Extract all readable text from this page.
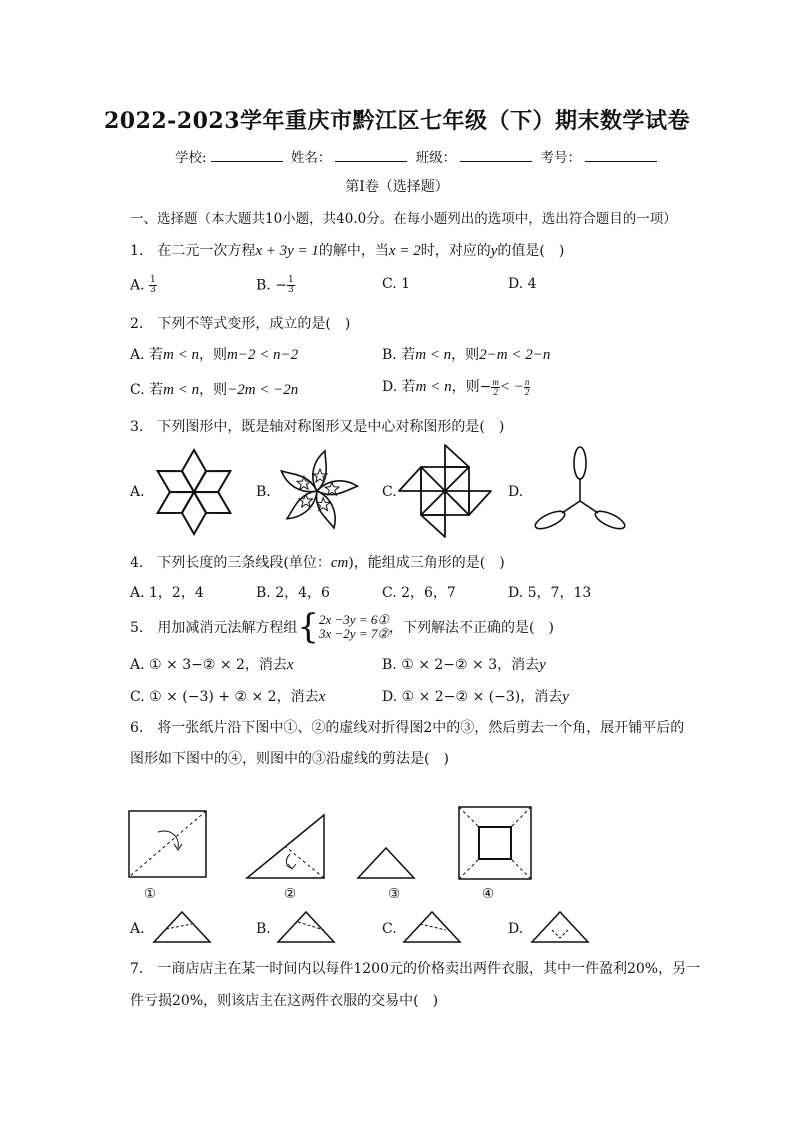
2022-2023学年重庆市黔江区七年级（下）期末数学试卷
学校:	姓名：	班级：	考号：
第I卷（选择题）
一、选择题（本大题共10小题，共40.0分。在每小题列出的选项中，选出符合题目的一项）
1.　在二元一次方程x + 3y = 1的解中，当x = 2时，对应的y的值是(　)
A. $\frac{1}{3}$	B. − $\frac{1}{3}$	C. 1	D. 4
2.　下列不等式变形，成立的是(　)
A. 若m < n，则m−2 < n−2	B. 若m < n，则2−m < 2−n
C. 若m < n，则−2m < −2n	D. 若m < n，则− $\frac{m}{2}$ < − $\frac{n}{2}$
3.　下列图形中，既是轴对称图形又是中心对称图形的是(　)
A.	B.	C.	D.
4.　下列长度的三条线段(单位：cm)，能组成三角形的是(　)
A. 1，2，4	B. 2，4，6	C. 2，6，7	D. 5，7，13
5.　用加减消元法解方程组{ 2x −3y = 6①
3x −2y = 7② ，下列解法不正确的是(　)
A. ① × 3−② × 2，消去x	B. ① × 2−② × 3，消去y
C. ① × (−3) + ② × 2，消去x	D. ① × 2−② × (−3)，消去y
6.　将一张纸片沿下图中①、②的虚线对折得图2中的③，然后剪去一个角，展开铺平后的
图形如下图中的④，则图中的③沿虚线的剪法是(　)
①	②	③	④
A.	B.	C.	D.
7.　一商店店主在某一时间内以每件1200元的价格卖出两件衣服，其中一件盈利20%，另一
件亏损20%，则该店主在这两件衣服的交易中(　)
